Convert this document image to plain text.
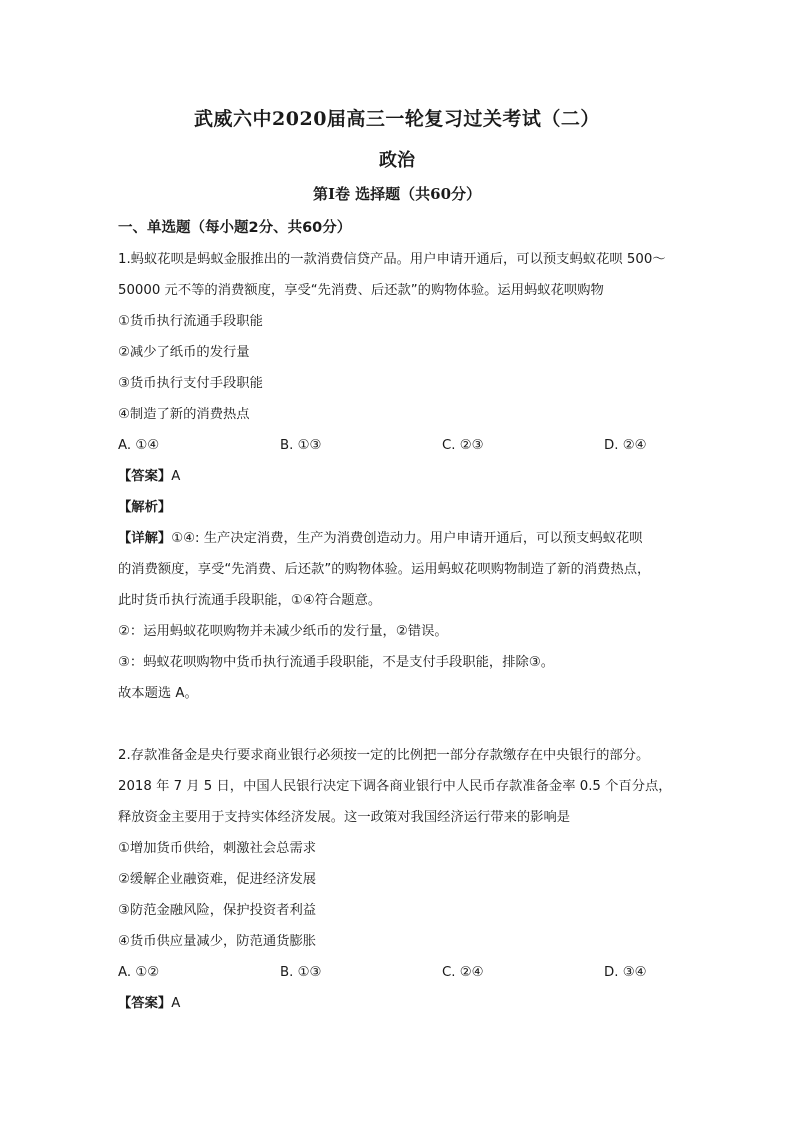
武威六中2020届高三一轮复习过关考试（二）
政治
第Ⅰ卷 选择题（共60分）
一、单选题（每小题2分、共60分）
1.蚂蚁花呗是蚂蚁金服推出的一款消费信贷产品。用户申请开通后，可以预支蚂蚁花呗 500～
50000 元不等的消费额度，享受“先消费、后还款”的购物体验。运用蚂蚁花呗购物
①货币执行流通手段职能
②减少了纸币的发行量
③货币执行支付手段职能
④制造了新的消费热点
A. ①④	B. ①③	C. ②③	D. ②④
【答案】A
【解析】
【详解】①④: 生产决定消费，生产为消费创造动力。用户申请开通后，可以预支蚂蚁花呗
的消费额度，享受“先消费、后还款”的购物体验。运用蚂蚁花呗购物制造了新的消费热点，
此时货币执行流通手段职能，①④符合题意。
②：运用蚂蚁花呗购物并未减少纸币的发行量，②错误。
③：蚂蚁花呗购物中货币执行流通手段职能，不是支付手段职能，排除③。
故本题选 A。
2.存款准备金是央行要求商业银行必须按一定的比例把一部分存款缴存在中央银行的部分。
2018 年 7 月 5 日，中国人民银行决定下调各商业银行中人民币存款准备金率 0.5 个百分点，
释放资金主要用于支持实体经济发展。这一政策对我国经济运行带来的影响是
①增加货币供给，刺激社会总需求
②缓解企业融资难，促进经济发展
③防范金融风险，保护投资者利益
④货币供应量减少，防范通货膨胀
A. ①②	B. ①③	C. ②④	D. ③④
【答案】A
